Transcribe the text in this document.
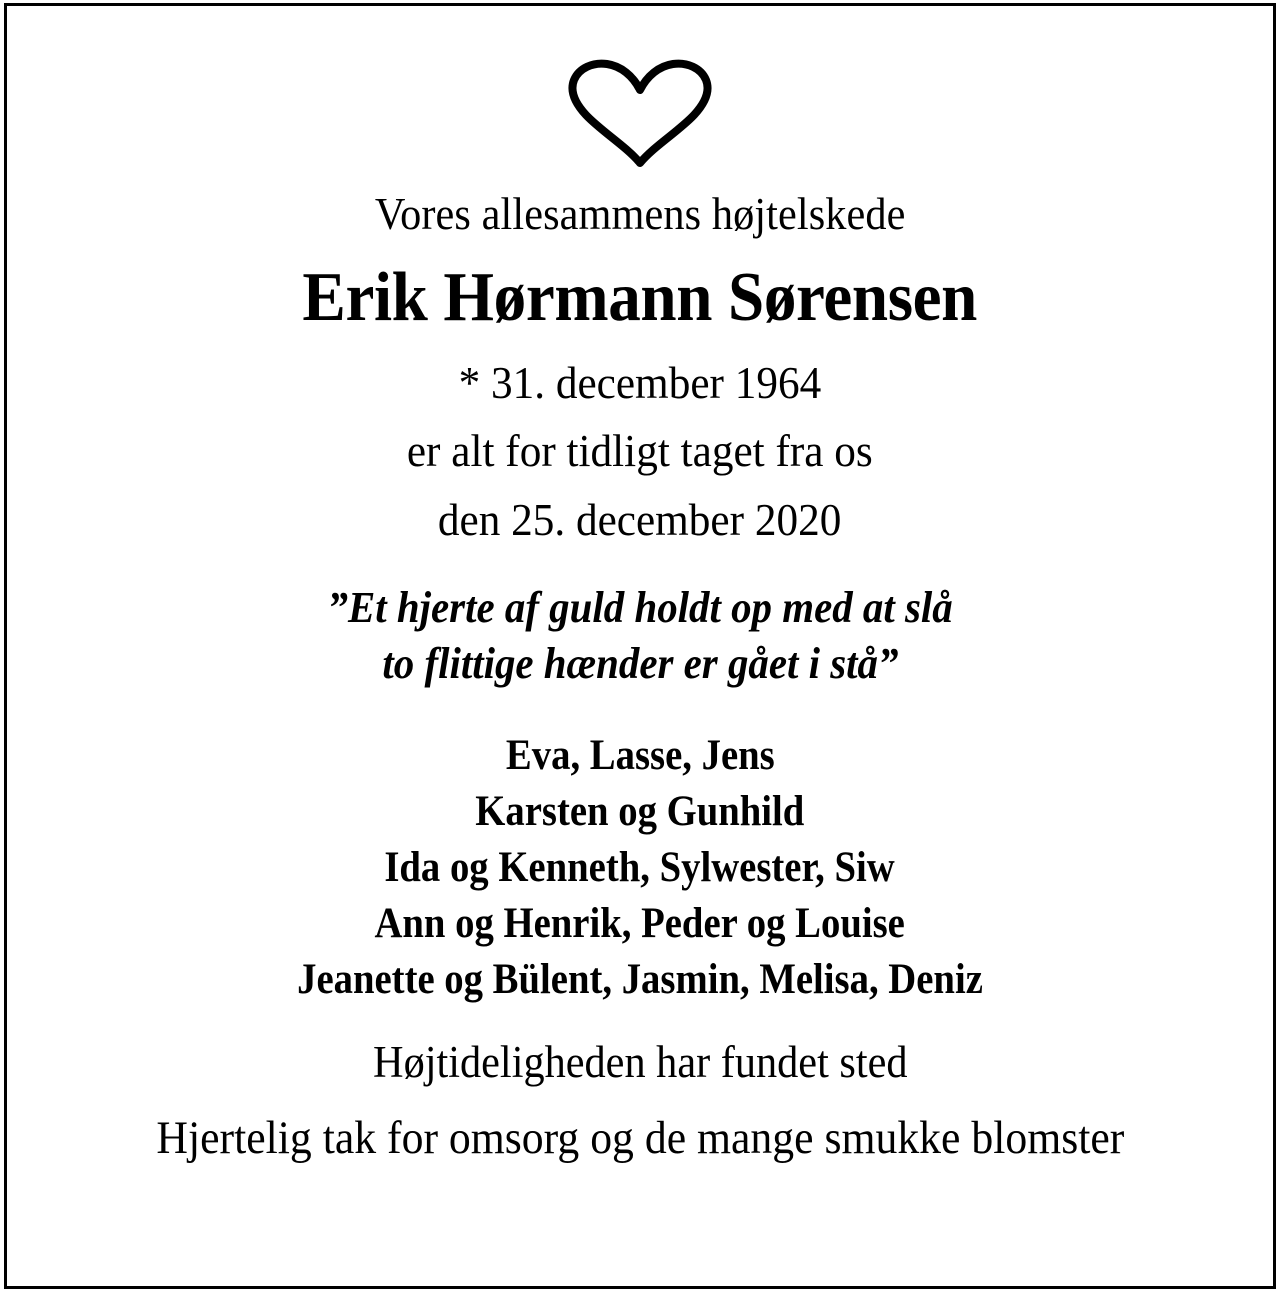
Vores allesammens højtelskede
Erik Hørmann Sørensen
* 31. december 1964
er alt for tidligt taget fra os
den 25. december 2020
”Et hjerte af guld holdt op med at slå
to flittige hænder er gået i stå”
Eva, Lasse, Jens
Karsten og Gunhild
Ida og Kenneth, Sylwester, Siw
Ann og Henrik, Peder og Louise
Jeanette og Bülent, Jasmin, Melisa, Deniz
Højtideligheden har fundet sted
Hjertelig tak for omsorg og de mange smukke blomster
